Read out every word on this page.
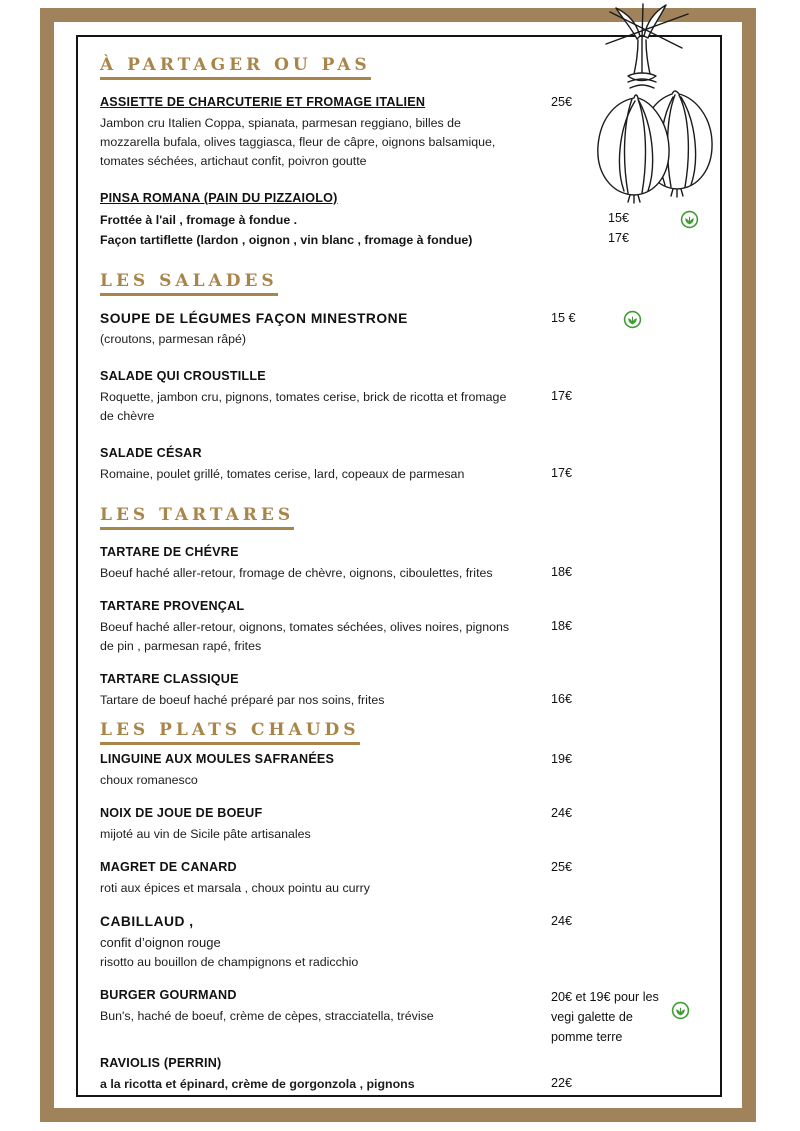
À PARTAGER OU PAS
ASSIETTE DE CHARCUTERIE ET FROMAGE ITALIEN
Jambon cru Italien Coppa, spianata, parmesan reggiano, billes de mozzarella bufala, olives taggiasca, fleur de câpre, oignons balsamique, tomates séchées, artichaut confit, poivron goutte
25€
PINSA ROMANA (PAIN DU PIZZAIOLO)
Frottée à l'ail , fromage à fondue .	15€
Façon tartiflette (lardon , oignon , vin blanc , fromage à fondue)	17€
LES SALADES
SOUPE DE LÉGUMES FAÇON MINESTRONE
(croutons, parmesan râpé)
15 €
SALADE QUI CROUSTILLE
Roquette, jambon cru, pignons, tomates cerise, brick de ricotta et fromage de chèvre
17€
SALADE CÉSAR
Romaine, poulet grillé, tomates cerise, lard, copeaux de parmesan	17€
LES TARTARES
TARTARE DE CHÉVRE
Boeuf haché aller-retour, fromage de chèvre, oignons, ciboulettes, frites	18€
TARTARE PROVENÇAL
Boeuf haché aller-retour, oignons, tomates séchées, olives noires, pignons de pin , parmesan rapé, frites
18€
TARTARE CLASSIQUE
Tartare de boeuf haché préparé par nos soins, frites	16€
LES PLATS CHAUDS
LINGUINE AUX MOULES SAFRANÉES
choux romanesco
19€
NOIX DE JOUE DE BOEUF
mijoté au vin de Sicile pâte artisanales
24€
MAGRET DE CANARD
roti aux épices et marsala , choux pointu au curry
25€
CABILLAUD ,
confit d’oignon rouge
risotto au bouillon de champignons et radicchio
24€
BURGER GOURMAND
Bun's, haché de boeuf, crème de cèpes, stracciatella, trévise
20€ et 19€ pour les vegi galette de pomme terre
RAVIOLIS (PERRIN)
a la ricotta et épinard, crème de gorgonzola , pignons	22€
